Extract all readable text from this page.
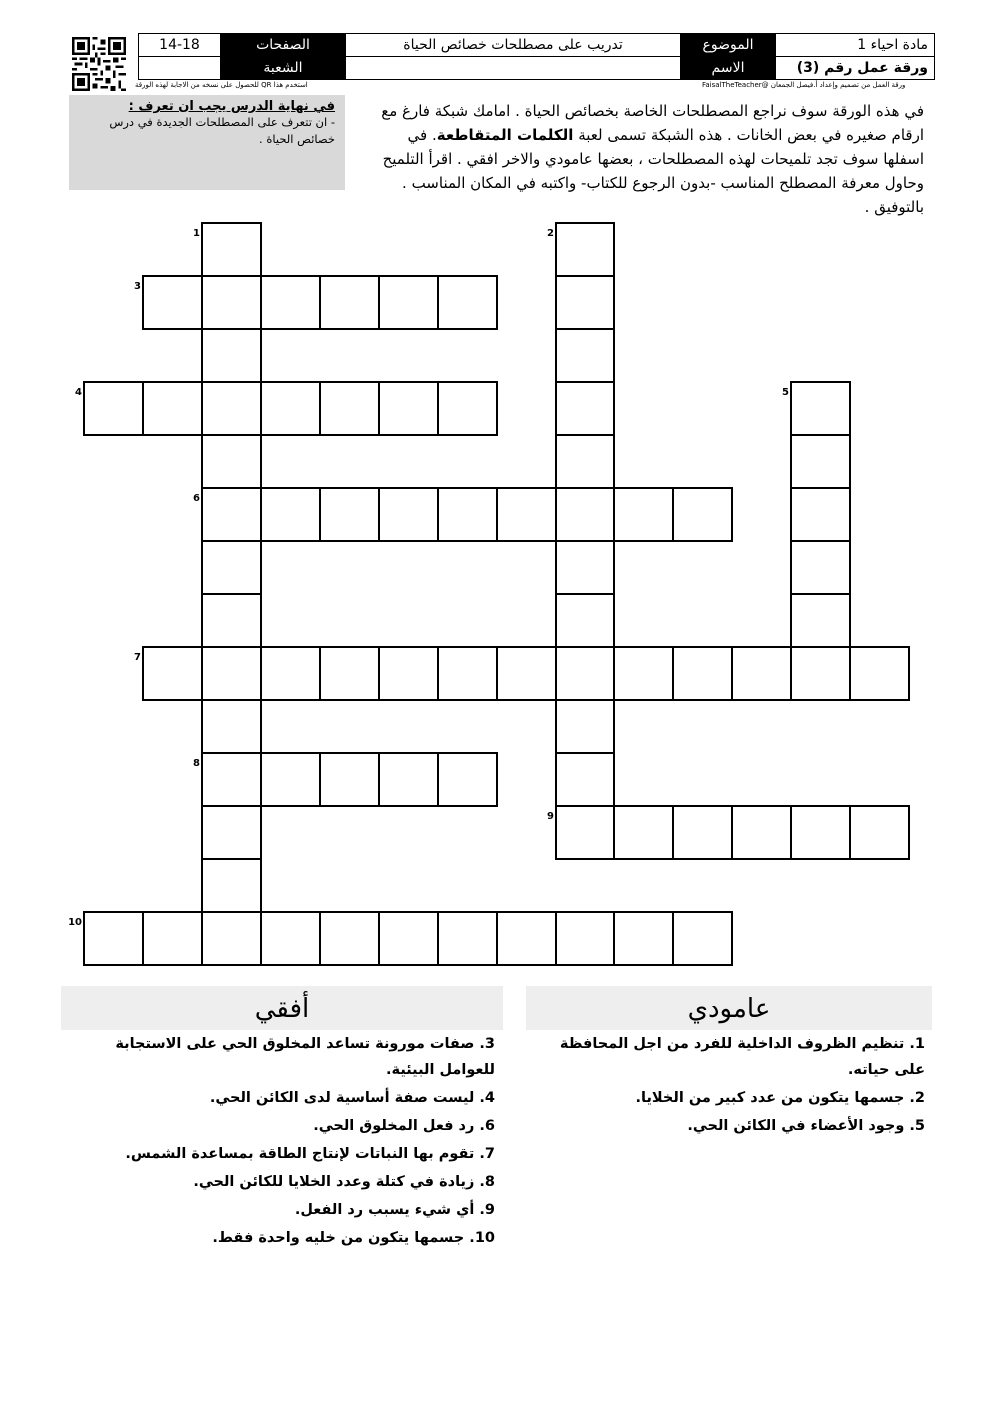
14-18	الصفحات	تدريب على مصطلحات خصائص الحياة	الموضوع	مادة احياء 1
	الشعبة		الاسم	ورقة عمل رقم (3)
استخدم هذا QR للحصول على نسخه من الاجابة لهذه الورقة	ورقة العمل من تصميم وإعداد أ.فيصل الجمعان @FaisalTheTeacher
في نهاية الدرس يجب ان تعرف :
- ان تتعرف على المصطلحات الجديدة في درس خصائص الحياة .
في هذه الورقة سوف نراجع المصطلحات الخاصة بخصائص الحياة . امامك شبكة فارغ مع ارقام صغيره في بعض الخانات . هذه الشبكة تسمى لعبة الكلمات المتقاطعة. في اسفلها سوف تجد تلميحات لهذه المصطلحات ، بعضها عامودي والاخر افقي . اقرأ التلميح وحاول معرفة المصطلح المناسب -بدون الرجوع للكتاب- واكتبه في المكان المناسب . بالتوفيق .
3
4
6
7
8
9
10
1	2
5
أفقي	عامودي
3. صفات مورونة تساعد المخلوق الحي على الاستجابة للعوامل البيئية.
4. ليست صفة أساسية لدى الكائن الحي.
6. رد فعل المخلوق الحي.
7. تقوم بها النباتات لإنتاج الطاقة بمساعدة الشمس.
8. زيادة في كتلة وعدد الخلايا للكائن الحي.
9. أي شيء يسبب رد الفعل.
10. جسمها يتكون من خليه واحدة فقط.
1. تنظيم الظروف الداخلية للفرد من اجل المحافظة على حياته.
2. جسمها يتكون من عدد كبير من الخلايا.
5. وجود الأعضاء في الكائن الحي.
